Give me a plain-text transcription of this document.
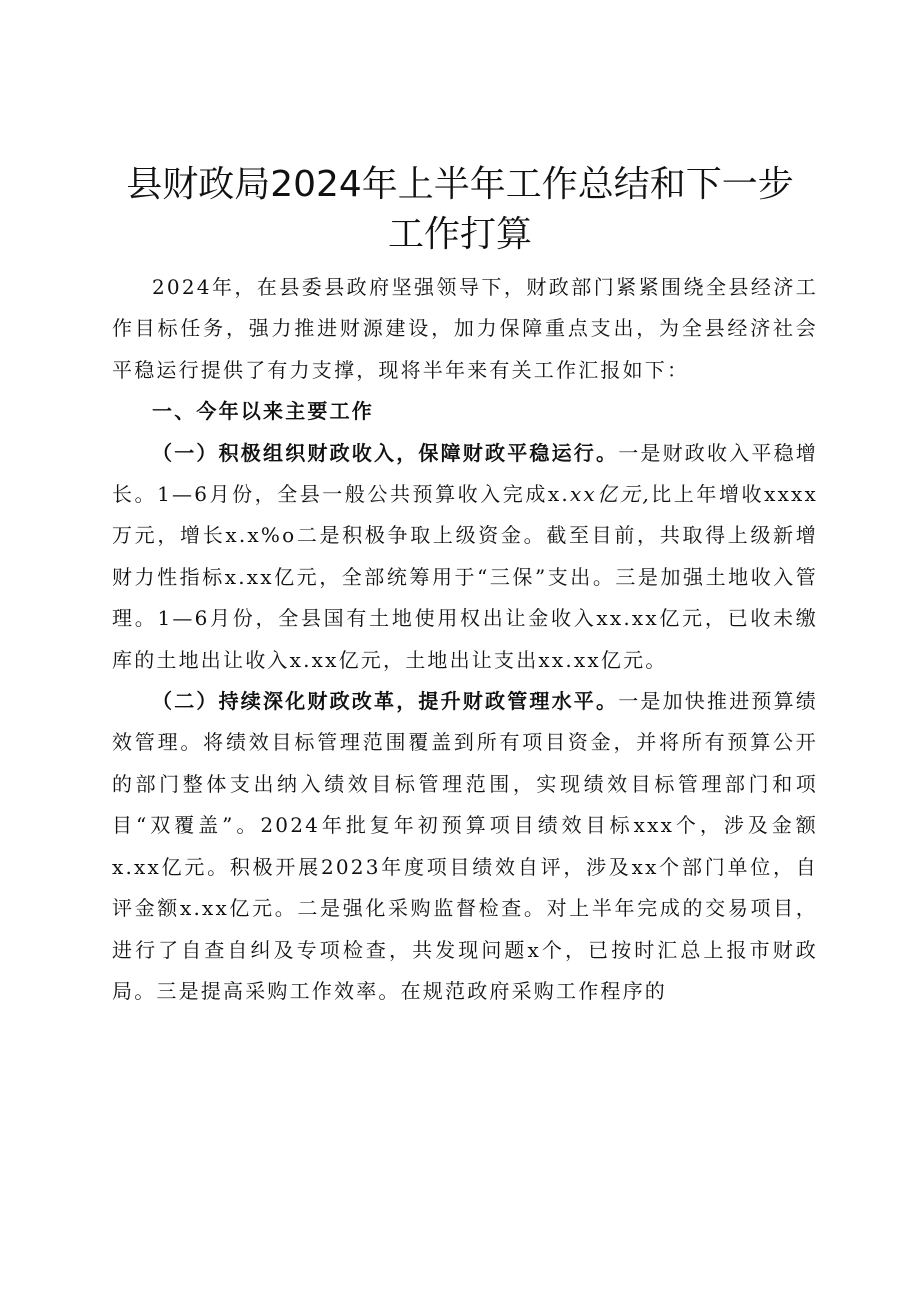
县财政局2024年上半年工作总结和下一步工作打算

2024年，在县委县政府坚强领导下，财政部门紧紧围绕全县经济工作目标任务，强力推进财源建设，加力保障重点支出，为全县经济社会平稳运行提供了有力支撑，现将半年来有关工作汇报如下：

一、今年以来主要工作

（一）积极组织财政收入，保障财政平稳运行。一是财政收入平稳增长。1—6月份，全县一般公共预算收入完成x.xx亿元,比上年增收xxxx万元，增长x.x%o二是积极争取上级资金。截至目前，共取得上级新增财力性指标x.xx亿元，全部统筹用于“三保”支出。三是加强土地收入管理。1—6月份，全县国有土地使用权出让金收入xx.xx亿元，已收未缴库的土地出让收入x.xx亿元，土地出让支出xx.xx亿元。

（二）持续深化财政改革，提升财政管理水平。一是加快推进预算绩效管理。将绩效目标管理范围覆盖到所有项目资金，并将所有预算公开的部门整体支出纳入绩效目标管理范围，实现绩效目标管理部门和项目“双覆盖”。2024年批复年初预算项目绩效目标xxx个，涉及金额x.xx亿元。积极开展2023年度项目绩效自评，涉及xx个部门单位，自评金额x.xx亿元。二是强化采购监督检查。对上半年完成的交易项目，进行了自查自纠及专项检查，共发现问题x个，已按时汇总上报市财政局。三是提高采购工作效率。在规范政府采购工作程序的
